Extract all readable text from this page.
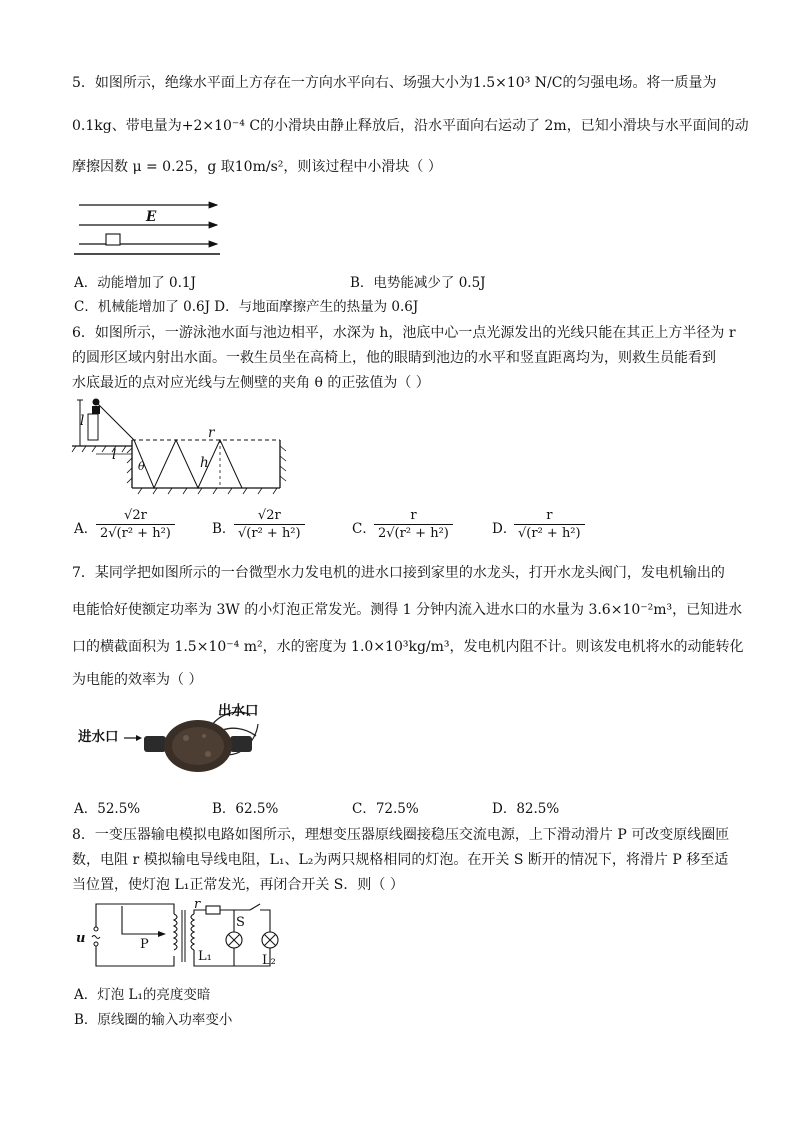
5．如图所示，绝缘水平面上方存在一方向水平向右、场强大小为1.5×10³ N/C的匀强电场。将一质量为
0.1kg、带电量为+2×10⁻⁴ C的小滑块由静止释放后，沿水平面向右运动了 2m，已知小滑块与水平面间的动
摩擦因数 μ = 0.25，g 取10m/s²，则该过程中小滑块（ ）
E
A．动能增加了 0.1J	B．电势能减少了 0.5J
C．机械能增加了 0.6J D．与地面摩擦产生的热量为 0.6J
6．如图所示，一游泳池水面与池边相平，水深为 h，池底中心一点光源发出的光线只能在其正上方半径为 r
的圆形区域内射出水面。一救生员坐在高椅上，他的眼睛到池边的水平和竖直距离均为，则救生员能看到
水底最近的点对应光线与左侧壁的夹角 θ 的正弦值为（ ）
l
l
r
h
θ
A．
√2r
2√(r² + h²)	B．
√2r
√(r² + h²)	C．
r
2√(r² + h²)	D．
r
√(r² + h²)
7．某同学把如图所示的一台微型水力发电机的进水口接到家里的水龙头，打开水龙头阀门，发电机输出的
电能恰好使额定功率为 3W 的小灯泡正常发光。测得 1 分钟内流入进水口的水量为 3.6×10⁻²m³，已知进水
口的横截面积为 1.5×10⁻⁴ m²，水的密度为 1.0×10³kg/m³，发电机内阻不计。则该发电机将水的动能转化
为电能的效率为（ ）
进水口
出水口
A．52.5%	B．62.5%	C．72.5%	D．82.5%
8．一变压器输电模拟电路如图所示，理想变压器原线圈接稳压交流电源，上下滑动滑片 P 可改变原线圈匝
数，电阻 r 模拟输电导线电阻，L₁、L₂为两只规格相同的灯泡。在开关 S 断开的情况下，将滑片 P 移至适
当位置，使灯泡 L₁正常发光，再闭合开关 S．则（ ）
u	P
r
S
L₁	L₂
A．灯泡 L₁的亮度变暗
B．原线圈的输入功率变小
